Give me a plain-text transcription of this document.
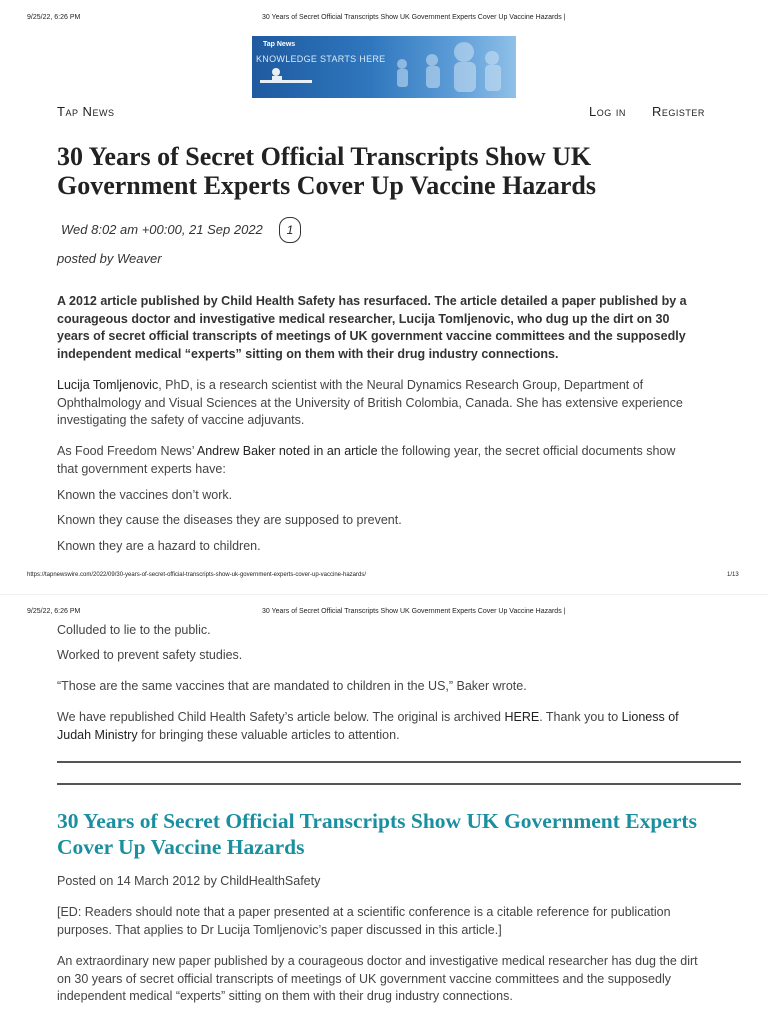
9/25/22, 6:26 PM	30 Years of Secret Official Transcripts Show UK Government Experts Cover Up Vaccine Hazards |
Tap News
KNOWLEDGE STARTS HERE
Tap News	Log in Register
30 Years of Secret Official Transcripts Show UK
Government Experts Cover Up Vaccine Hazards
Wed 8:02 am +00:00, 21 Sep 2022	1
posted by Weaver
A 2012 article published by Child Health Safety has resurfaced. The article detailed a paper published by a
courageous doctor and investigative medical researcher, Lucija Tomljenovic, who dug up the dirt on 30
years of secret official transcripts of meetings of UK government vaccine committees and the supposedly
independent medical “experts” sitting on them with their drug industry connections.
Lucija Tomljenovic, PhD, is a research scientist with the Neural Dynamics Research Group, Department of
Ophthalmology and Visual Sciences at the University of British Colombia, Canada. She has extensive experience
investigating the safety of vaccine adjuvants.
As Food Freedom News’ Andrew Baker noted in an article the following year, the secret official documents show
that government experts have:
Known the vaccines don’t work.
Known they cause the diseases they are supposed to prevent.
Known they are a hazard to children.
https://tapnewswire.com/2022/09/30-years-of-secret-official-transcripts-show-uk-government-experts-cover-up-vaccine-hazards/	1/13
9/25/22, 6:26 PM	30 Years of Secret Official Transcripts Show UK Government Experts Cover Up Vaccine Hazards |
Colluded to lie to the public.
Worked to prevent safety studies.
“Those are the same vaccines that are mandated to children in the US,” Baker wrote.
We have republished Child Health Safety’s article below. The original is archived HERE. Thank you to Lioness of
Judah Ministry for bringing these valuable articles to attention.
30 Years of Secret Official Transcripts Show UK Government Experts
Cover Up Vaccine Hazards
Posted on 14 March 2012 by ChildHealthSafety
[ED: Readers should note that a paper presented at a scientific conference is a citable reference for publication
purposes. That applies to Dr Lucija Tomljenovic’s paper discussed in this article.]
An extraordinary new paper published by a courageous doctor and investigative medical researcher has dug the dirt
on 30 years of secret official transcripts of meetings of UK government vaccine committees and the supposedly
independent medical “experts” sitting on them with their drug industry connections.
